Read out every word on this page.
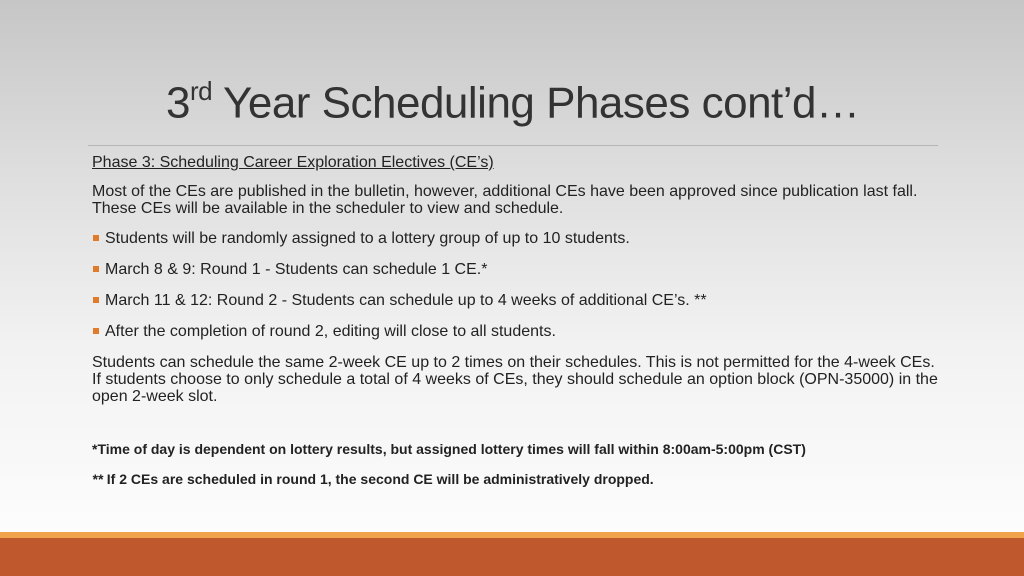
3rd Year Scheduling Phases cont’d…
Phase 3: Scheduling Career Exploration Electives (CE’s)
Most of the CEs are published in the bulletin, however, additional CEs have been approved since publication last fall. These CEs will be available in the scheduler to view and schedule.
Students will be randomly assigned to a lottery group of up to 10 students.
March 8 & 9: Round 1 - Students can schedule 1 CE.*
March 11 & 12: Round 2 - Students can schedule up to 4 weeks of additional CE’s. **
After the completion of round 2, editing will close to all students.
Students can schedule the same 2-week CE up to 2 times on their schedules. This is not permitted for the 4-week CEs. If students choose to only schedule a total of 4 weeks of CEs, they should schedule an option block (OPN-35000) in the open 2-week slot.
*Time of day is dependent on lottery results, but assigned lottery times will fall within 8:00am-5:00pm (CST)
** If 2 CEs are scheduled in round 1, the second CE will be administratively dropped.
